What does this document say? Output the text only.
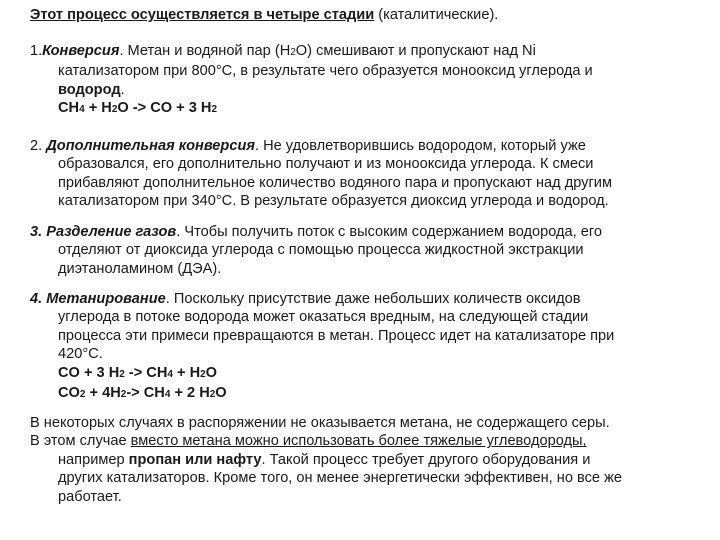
Этот процесс осуществляется в четыре стадии (каталитические).
1.Конверсия. Метан и водяной пар (Н2О) смешивают и пропускают над Ni
катализатором при 800°С, в результате чего образуется монооксид углерода и
водород.
CH4 + H2O -> CO + 3 H2
2. Дополнительная конверсия. Не удовлетворившись водородом, который уже
образовался, его дополнительно получают и из монооксида углерода. К смеси
прибавляют дополнительное количество водяного пара и пропускают над другим
катализатором при 340°С. В результате образуется диоксид углерода и водород.
3. Разделение газов. Чтобы получить поток с высоким содержанием водорода, его
отделяют от диоксида углерода с помощью процесса жидкостной экстракции
диэтаноламином (ДЭА).
4. Метанирование. Поскольку присутствие даже небольших количеств оксидов
углерода в потоке водорода может оказаться вредным, на следующей стадии
процесса эти примеси превращаются в метан. Процесс идет на катализаторе при
420°С.
CO + 3 H2 -> CH4 + H2O
CO2 + 4H2-> CH4 + 2 H2O
В некоторых случаях в распоряжении не оказывается метана, не содержащего серы.
В этом случае вместо метана можно использовать более тяжелые углеводороды,
например пропан или нафту. Такой процесс требует другого оборудования и
других катализаторов. Кроме того, он менее энергетически эффективен, но все же
работает.
